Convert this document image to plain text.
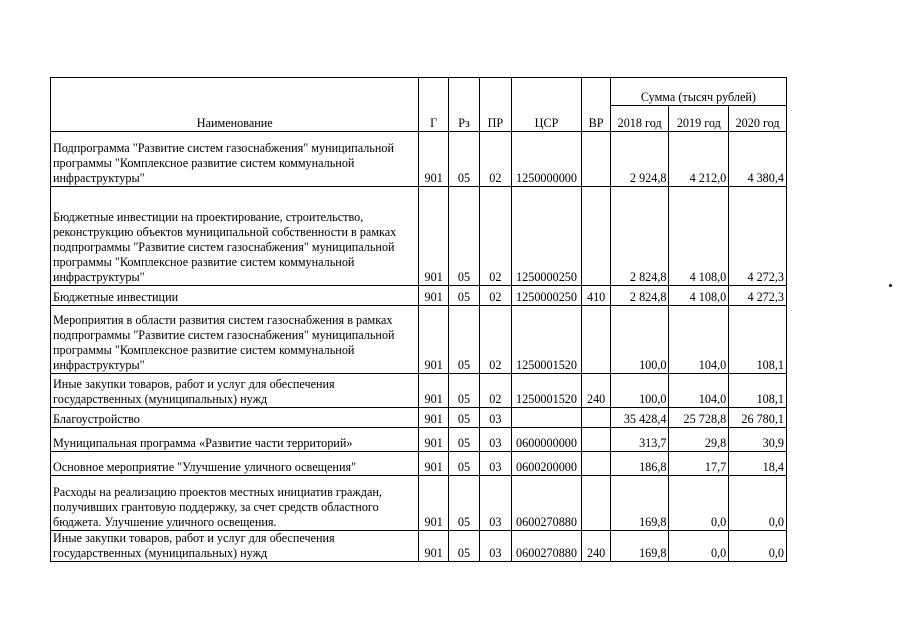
Наименование	Г	Рз	ПР	ЦСР	ВР	Сумма (тысяч рублей)		
						2018 год	2019 год	2020 год
Подпрограмма "Развитие систем газоснабжения" муниципальной программы "Комплексное развитие систем коммунальной инфраструктуры"	901	05	02	1250000000		2 924,8	4 212,0	4 380,4
Бюджетные инвестиции на проектирование, строительство, реконструкцию объектов муниципальной собственности в рамках подпрограммы "Развитие систем газоснабжения" муниципальной программы "Комплексное развитие систем коммунальной инфраструктуры"	901	05	02	1250000250		2 824,8	4 108,0	4 272,3
Бюджетные инвестиции	901	05	02	1250000250	410	2 824,8	4 108,0	4 272,3
Мероприятия в области развития систем газоснабжения в рамках подпрограммы "Развитие систем газоснабжения" муниципальной программы "Комплексное развитие систем коммунальной инфраструктуры"	901	05	02	1250001520		100,0	104,0	108,1
Иные закупки товаров, работ и услуг для обеспечения государственных (муниципальных) нужд	901	05	02	1250001520	240	100,0	104,0	108,1
Благоустройство	901	05	03			35 428,4	25 728,8	26 780,1
Муниципальная программа «Развитие части территорий»	901	05	03	0600000000		313,7	29,8	30,9
Основное мероприятие "Улучшение уличного освещения"	901	05	03	0600200000		186,8	17,7	18,4
Расходы на реализацию проектов местных инициатив граждан, получивших грантовую поддержку, за счет средств областного бюджета. Улучшение уличного освещения.	901	05	03	0600270880		169,8	0,0	0,0
Иные закупки товаров, работ и услуг для обеспечения государственных (муниципальных) нужд	901	05	03	0600270880	240	169,8	0,0	0,0
